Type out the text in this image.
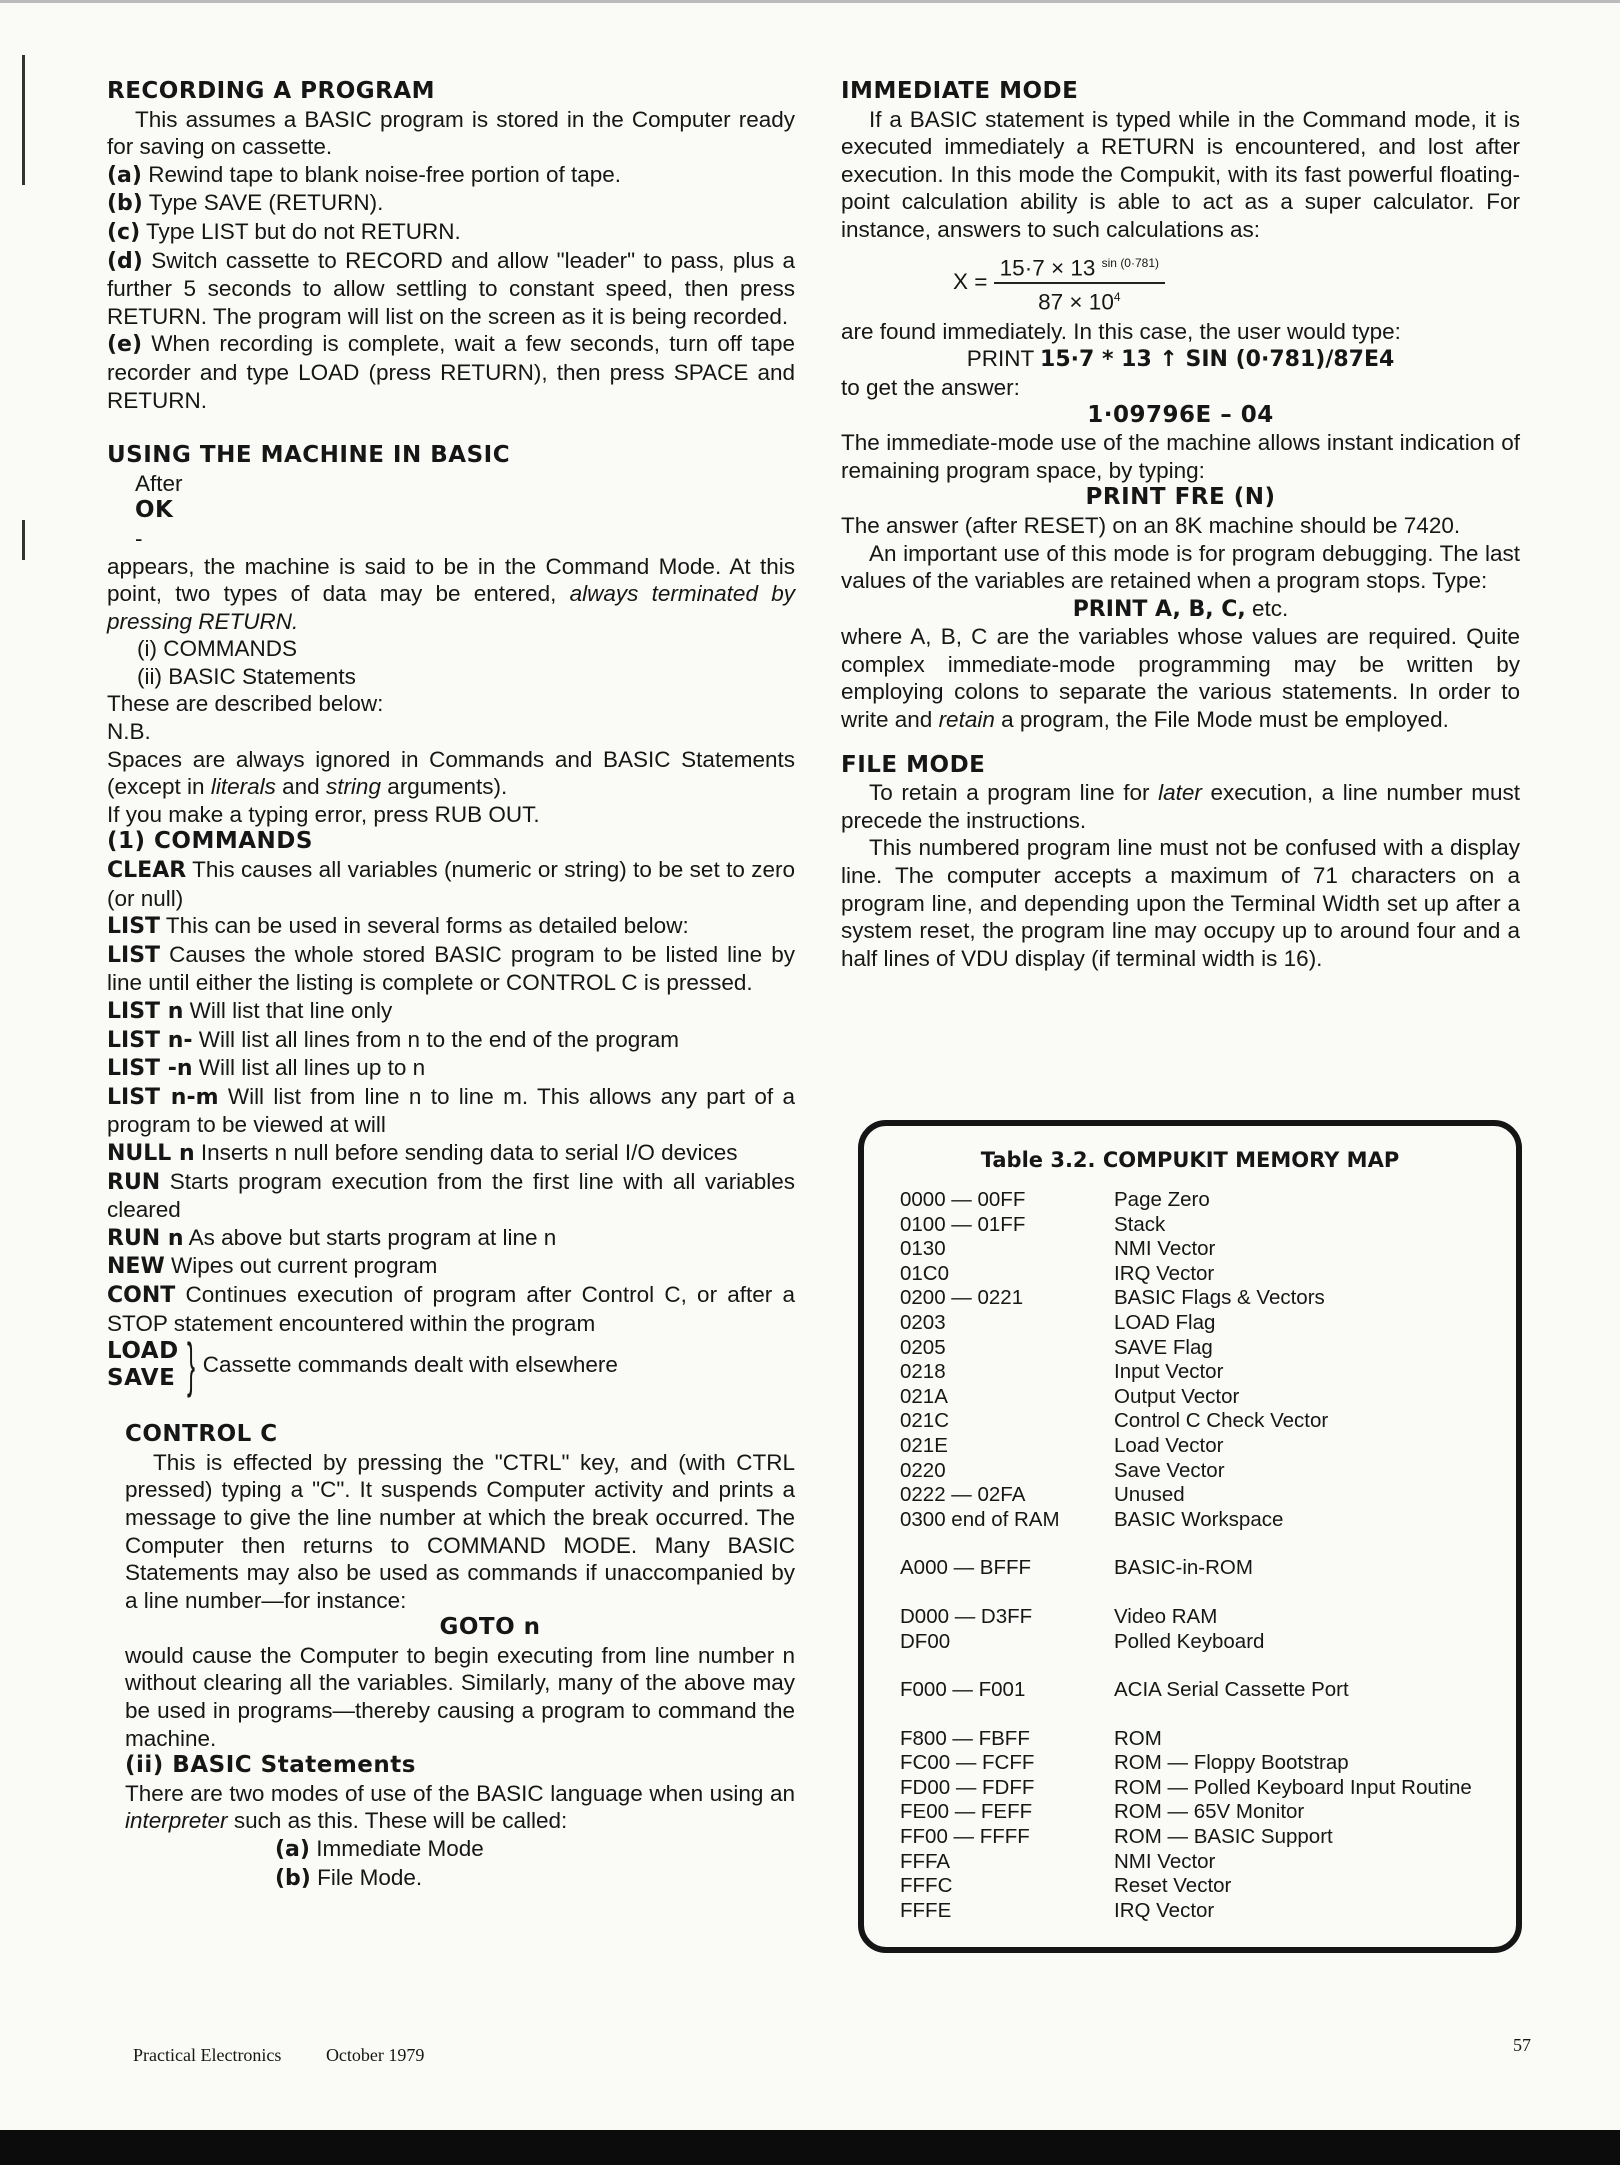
RECORDING A PROGRAM
This assumes a BASIC program is stored in the Computer ready for saving on cassette.
(a) Rewind tape to blank noise-free portion of tape.
(b) Type SAVE (RETURN).
(c) Type LIST but do not RETURN.
(d) Switch cassette to RECORD and allow "leader" to pass, plus a further 5 seconds to allow settling to constant speed, then press RETURN. The program will list on the screen as it is being recorded.
(e) When recording is complete, wait a few seconds, turn off tape recorder and type LOAD (press RETURN), then press SPACE and RETURN.
USING THE MACHINE IN BASIC
After
OK
-
appears, the machine is said to be in the Command Mode. At this point, two types of data may be entered, always terminated by pressing RETURN.
(i) COMMANDS
(ii) BASIC Statements
These are described below:
N.B.
Spaces are always ignored in Commands and BASIC Statements (except in literals and string arguments).
If you make a typing error, press RUB OUT.
(1) COMMANDS
CLEAR This causes all variables (numeric or string) to be set to zero (or null)
LIST This can be used in several forms as detailed below:
LIST Causes the whole stored BASIC program to be listed line by line until either the listing is complete or CONTROL C is pressed.
LIST n Will list that line only
LIST n- Will list all lines from n to the end of the program
LIST -n Will list all lines up to n
LIST n-m Will list from line n to line m. This allows any part of a program to be viewed at will
NULL n Inserts n null before sending data to serial I/O devices
RUN Starts program execution from the first line with all variables cleared
RUN n As above but starts program at line n
NEW Wipes out current program
CONT Continues execution of program after Control C, or after a STOP statement encountered within the program
LOAD
SAVE } Cassette commands dealt with elsewhere
CONTROL C
This is effected by pressing the "CTRL" key, and (with CTRL pressed) typing a "C". It suspends Computer activity and prints a message to give the line number at which the break occurred. The Computer then returns to COMMAND MODE. Many BASIC Statements may also be used as commands if unaccompanied by a line number—for instance:
GOTO n
would cause the Computer to begin executing from line number n without clearing all the variables. Similarly, many of the above may be used in programs—thereby causing a program to command the machine.
(ii) BASIC Statements
There are two modes of use of the BASIC language when using an interpreter such as this. These will be called:
(a) Immediate Mode
(b) File Mode.
IMMEDIATE MODE
If a BASIC statement is typed while in the Command mode, it is executed immediately a RETURN is encountered, and lost after execution. In this mode the Compukit, with its fast powerful floating-point calculation ability is able to act as a super calculator. For instance, answers to such calculations as:
$X = \frac{15\cdot 7 \times 13 ^{sin (0\cdot 781)}}{87 \times 10^4}$
are found immediately. In this case, the user would type:
PRINT 15·7 * 13 ↑ SIN (0·781)/87E4
to get the answer:
1·09796E – 04
The immediate-mode use of the machine allows instant indication of remaining program space, by typing:
PRINT FRE (N)
The answer (after RESET) on an 8K machine should be 7420.
An important use of this mode is for program debugging. The last values of the variables are retained when a program stops. Type:
PRINT A, B, C, etc.
where A, B, C are the variables whose values are required. Quite complex immediate-mode programming may be written by employing colons to separate the various statements. In order to write and retain a program, the File Mode must be employed.
FILE MODE
To retain a program line for later execution, a line number must precede the instructions.
This numbered program line must not be confused with a display line. The computer accepts a maximum of 71 characters on a program line, and depending upon the Terminal Width set up after a system reset, the program line may occupy up to around four and a half lines of VDU display (if terminal width is 16).
Table 3.2. COMPUKIT MEMORY MAP
0000 — 00FF	Page Zero
0100 — 01FF	Stack
0130	NMI Vector
01C0	IRQ Vector
0200 — 0221	BASIC Flags & Vectors
0203	LOAD Flag
0205	SAVE Flag
0218	Input Vector
021A	Output Vector
021C	Control C Check Vector
021E	Load Vector
0220	Save Vector
0222 — 02FA	Unused
0300 end of RAM	BASIC Workspace
A000 — BFFF	BASIC-in-ROM
D000 — D3FF	Video RAM
DF00	Polled Keyboard
F000 — F001	ACIA Serial Cassette Port
F800 — FBFF	ROM
FC00 — FCFF	ROM — Floppy Bootstrap
FD00 — FDFF	ROM — Polled Keyboard Input Routine
FE00 — FEFF	ROM — 65V Monitor
FF00 — FFFF	ROM — BASIC Support
FFFA	NMI Vector
FFFC	Reset Vector
FFFE	IRQ Vector
Practical Electronics October 1979	57
